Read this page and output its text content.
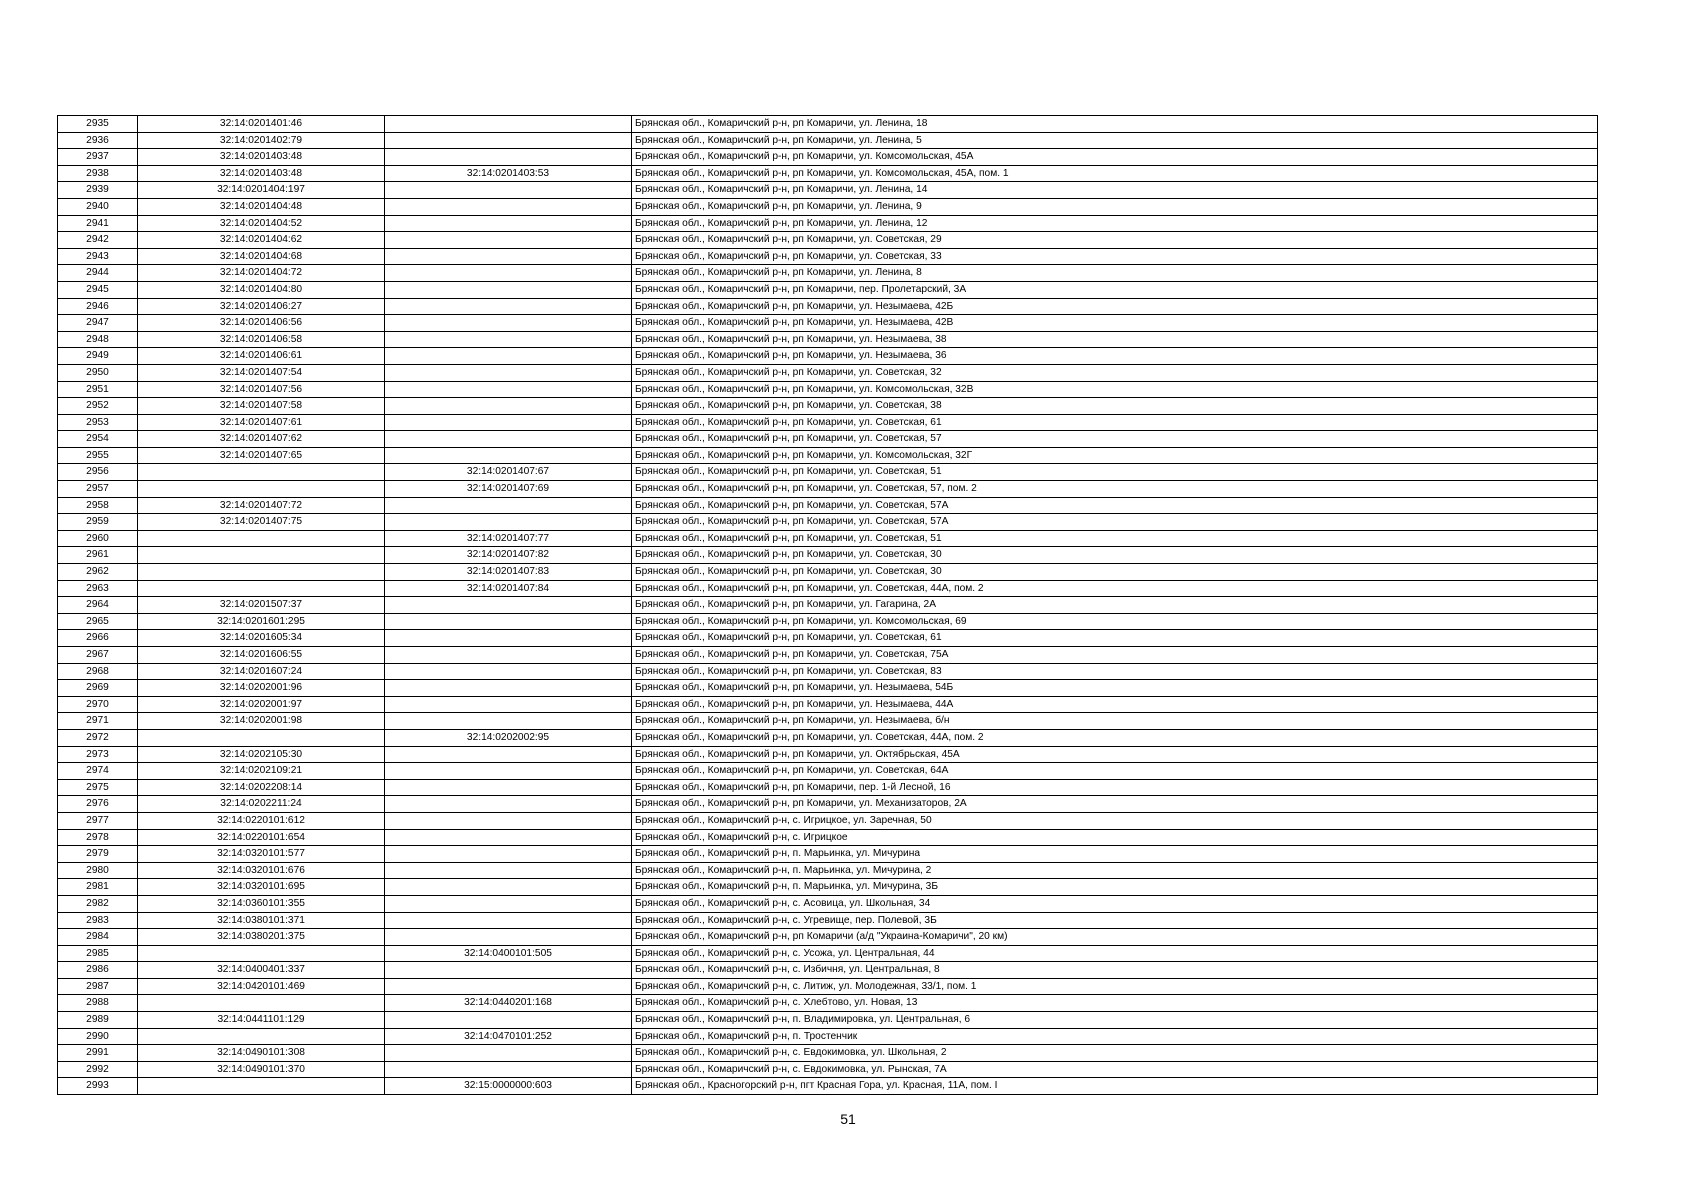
2935	32:14:0201401:46		Брянская обл., Комаричский р-н, рп Комаричи, ул. Ленина, 18
2936	32:14:0201402:79		Брянская обл., Комаричский р-н, рп Комаричи, ул. Ленина, 5
2937	32:14:0201403:48		Брянская обл., Комаричский р-н, рп Комаричи, ул. Комсомольская, 45А
2938	32:14:0201403:48	32:14:0201403:53	Брянская обл., Комаричский р-н, рп Комаричи, ул. Комсомольская, 45А, пом. 1
2939	32:14:0201404:197		Брянская обл., Комаричский р-н, рп Комаричи, ул. Ленина, 14
2940	32:14:0201404:48		Брянская обл., Комаричский р-н, рп Комаричи, ул. Ленина, 9
2941	32:14:0201404:52		Брянская обл., Комаричский р-н, рп Комаричи, ул. Ленина, 12
2942	32:14:0201404:62		Брянская обл., Комаричский р-н, рп Комаричи, ул. Советская, 29
2943	32:14:0201404:68		Брянская обл., Комаричский р-н, рп Комаричи, ул. Советская, 33
2944	32:14:0201404:72		Брянская обл., Комаричский р-н, рп Комаричи, ул. Ленина, 8
2945	32:14:0201404:80		Брянская обл., Комаричский р-н, рп Комаричи, пер. Пролетарский, 3А
2946	32:14:0201406:27		Брянская обл., Комаричский р-н, рп Комаричи, ул. Незымаева, 42Б
2947	32:14:0201406:56		Брянская обл., Комаричский р-н, рп Комаричи, ул. Незымаева, 42В
2948	32:14:0201406:58		Брянская обл., Комаричский р-н, рп Комаричи, ул. Незымаева, 38
2949	32:14:0201406:61		Брянская обл., Комаричский р-н, рп Комаричи, ул. Незымаева, 36
2950	32:14:0201407:54		Брянская обл., Комаричский р-н, рп Комаричи, ул. Советская, 32
2951	32:14:0201407:56		Брянская обл., Комаричский р-н, рп Комаричи, ул. Комсомольская, 32В
2952	32:14:0201407:58		Брянская обл., Комаричский р-н, рп Комаричи, ул. Советская, 38
2953	32:14:0201407:61		Брянская обл., Комаричский р-н, рп Комаричи, ул. Советская, 61
2954	32:14:0201407:62		Брянская обл., Комаричский р-н, рп Комаричи, ул. Советская, 57
2955	32:14:0201407:65		Брянская обл., Комаричский р-н, рп Комаричи, ул. Комсомольская, 32Г
2956		32:14:0201407:67	Брянская обл., Комаричский р-н, рп Комаричи, ул. Советская, 51
2957		32:14:0201407:69	Брянская обл., Комаричский р-н, рп Комаричи, ул. Советская, 57, пом. 2
2958	32:14:0201407:72		Брянская обл., Комаричский р-н, рп Комаричи, ул. Советская, 57А
2959	32:14:0201407:75		Брянская обл., Комаричский р-н, рп Комаричи, ул. Советская, 57А
2960		32:14:0201407:77	Брянская обл., Комаричский р-н, рп Комаричи, ул. Советская, 51
2961		32:14:0201407:82	Брянская обл., Комаричский р-н, рп Комаричи, ул. Советская, 30
2962		32:14:0201407:83	Брянская обл., Комаричский р-н, рп Комаричи, ул. Советская, 30
2963		32:14:0201407:84	Брянская обл., Комаричский р-н, рп Комаричи, ул. Советская, 44А, пом. 2
2964	32:14:0201507:37		Брянская обл., Комаричский р-н, рп Комаричи, ул. Гагарина, 2А
2965	32:14:0201601:295		Брянская обл., Комаричский р-н, рп Комаричи, ул. Комсомольская, 69
2966	32:14:0201605:34		Брянская обл., Комаричский р-н, рп Комаричи, ул. Советская, 61
2967	32:14:0201606:55		Брянская обл., Комаричский р-н, рп Комаричи, ул. Советская, 75А
2968	32:14:0201607:24		Брянская обл., Комаричский р-н, рп Комаричи, ул. Советская, 83
2969	32:14:0202001:96		Брянская обл., Комаричский р-н, рп Комаричи, ул. Незымаева, 54Б
2970	32:14:0202001:97		Брянская обл., Комаричский р-н, рп Комаричи, ул. Незымаева, 44А
2971	32:14:0202001:98		Брянская обл., Комаричский р-н, рп Комаричи, ул. Незымаева, б/н
2972		32:14:0202002:95	Брянская обл., Комаричский р-н, рп Комаричи, ул. Советская, 44А, пом. 2
2973	32:14:0202105:30		Брянская обл., Комаричский р-н, рп Комаричи, ул. Октябрьская, 45А
2974	32:14:0202109:21		Брянская обл., Комаричский р-н, рп Комаричи, ул. Советская, 64А
2975	32:14:0202208:14		Брянская обл., Комаричский р-н, рп Комаричи, пер. 1-й Лесной, 16
2976	32:14:0202211:24		Брянская обл., Комаричский р-н, рп Комаричи, ул. Механизаторов, 2А
2977	32:14:0220101:612		Брянская обл., Комаричский р-н, с. Игрицкое, ул. Заречная, 50
2978	32:14:0220101:654		Брянская обл., Комаричский р-н, с. Игрицкое
2979	32:14:0320101:577		Брянская обл., Комаричский р-н, п. Марьинка, ул. Мичурина
2980	32:14:0320101:676		Брянская обл., Комаричский р-н, п. Марьинка, ул. Мичурина, 2
2981	32:14:0320101:695		Брянская обл., Комаричский р-н, п. Марьинка, ул. Мичурина, 3Б
2982	32:14:0360101:355		Брянская обл., Комаричский р-н, с. Асовица, ул. Школьная, 34
2983	32:14:0380101:371		Брянская обл., Комаричский р-н, с. Угревище, пер. Полевой, 3Б
2984	32:14:0380201:375		Брянская обл., Комаричский р-н, рп Комаричи (а/д "Украина-Комаричи", 20 км)
2985		32:14:0400101:505	Брянская обл., Комаричский р-н, с. Усожа, ул. Центральная, 44
2986	32:14:0400401:337		Брянская обл., Комаричский р-н, с. Избичня, ул. Центральная, 8
2987	32:14:0420101:469		Брянская обл., Комаричский р-н, с. Литиж, ул. Молодежная, 33/1, пом. 1
2988		32:14:0440201:168	Брянская обл., Комаричский р-н, с. Хлебтово, ул. Новая, 13
2989	32:14:0441101:129		Брянская обл., Комаричский р-н, п. Владимировка, ул. Центральная, 6
2990		32:14:0470101:252	Брянская обл., Комаричский р-н, п. Тростенчик
2991	32:14:0490101:308		Брянская обл., Комаричский р-н, с. Евдокимовка, ул. Школьная, 2
2992	32:14:0490101:370		Брянская обл., Комаричский р-н, с. Евдокимовка, ул. Рынская, 7А
2993		32:15:0000000:603	Брянская обл., Красногорский р-н, пгт Красная Гора, ул. Красная, 11А, пом. I
51
